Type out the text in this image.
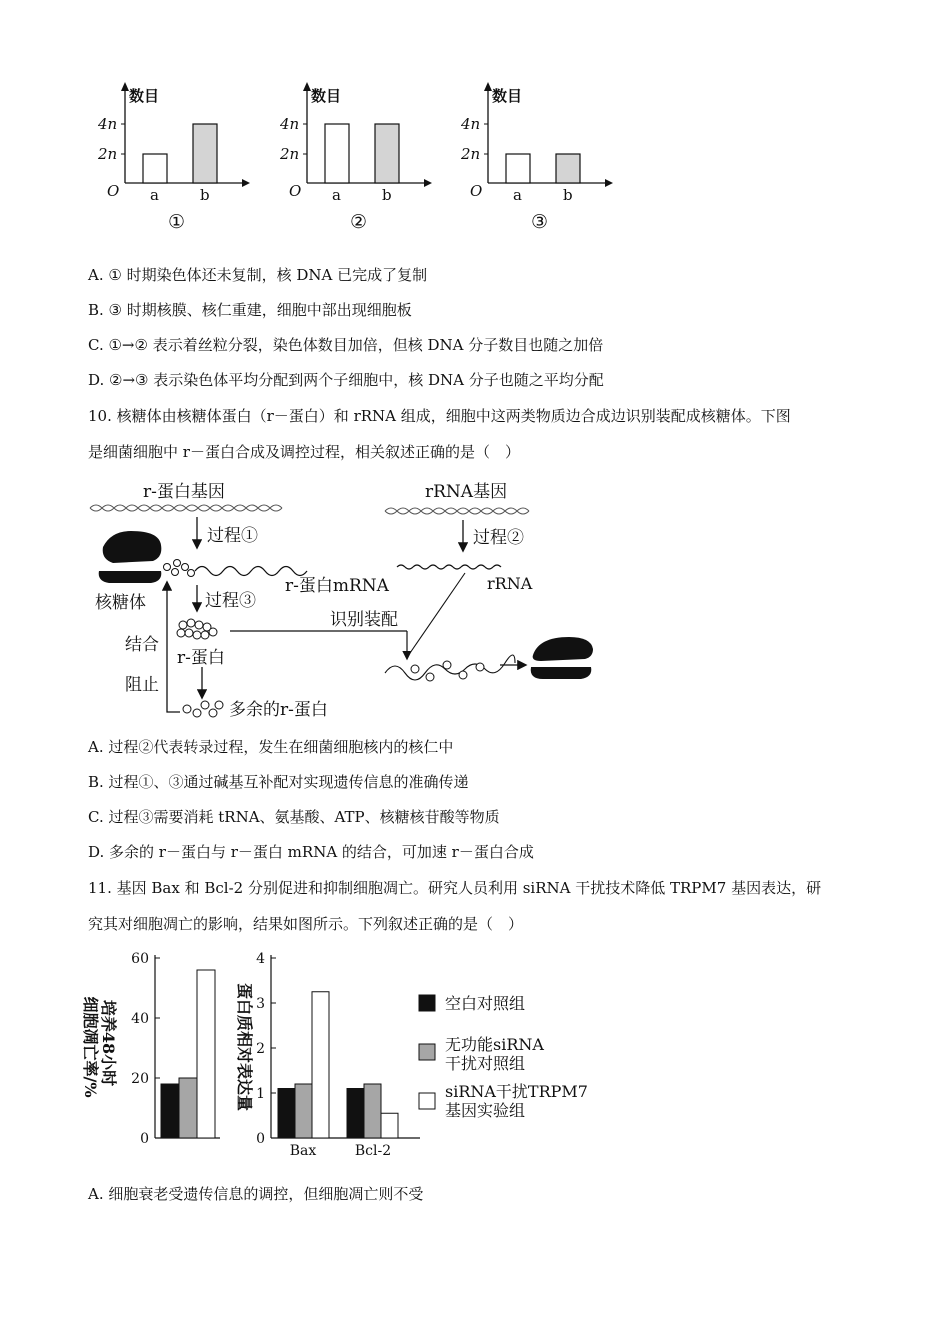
数目
4n
2n
O a	b
①
数目
4n
2n
O a	b
②
数目
4n
2n
O a	b
③
A. ① 时期染色体还未复制，核 DNA 已完成了复制
B. ③ 时期核膜、核仁重建，细胞中部出现细胞板
C. ①→② 表示着丝粒分裂，染色体数目加倍，但核 DNA 分子数目也随之加倍
D. ②→③ 表示染色体平均分配到两个子细胞中，核 DNA 分子也随之平均分配
10. 核糖体由核糖体蛋白（r－蛋白）和 rRNA 组成，细胞中这两类物质边合成边识别装配成核糖体。下图
是细菌细胞中 r－蛋白合成及调控过程，相关叙述正确的是（　）
r-蛋白基因
过程①
rRNA基因
过程②
rRNA
核糖体
r-蛋白mRNA
过程③
r-蛋白
结合
阻止
识别装配
多余的r-蛋白
A. 过程②代表转录过程，发生在细菌细胞核内的核仁中
B. 过程①、③通过碱基互补配对实现遗传信息的准确传递
C. 过程③需要消耗 tRNA、氨基酸、ATP、核糖核苷酸等物质
D. 多余的 r－蛋白与 r－蛋白 mRNA 的结合，可加速 r－蛋白合成
11. 基因 Bax 和 Bcl-2 分别促进和抑制细胞凋亡。研究人员利用 siRNA 干扰技术降低 TRPM7 基因表达，研
究其对细胞凋亡的影响，结果如图所示。下列叙述正确的是（　）
0
20
40
60
培养48小时
细胞凋亡率/%
0
1
2
3
4
蛋白质相对表达量
Bax	Bcl-2
空白对照组
无功能siRNA
干扰对照组
siRNA干扰TRPM7
基因实验组
A. 细胞衰老受遗传信息的调控，但细胞凋亡则不受
